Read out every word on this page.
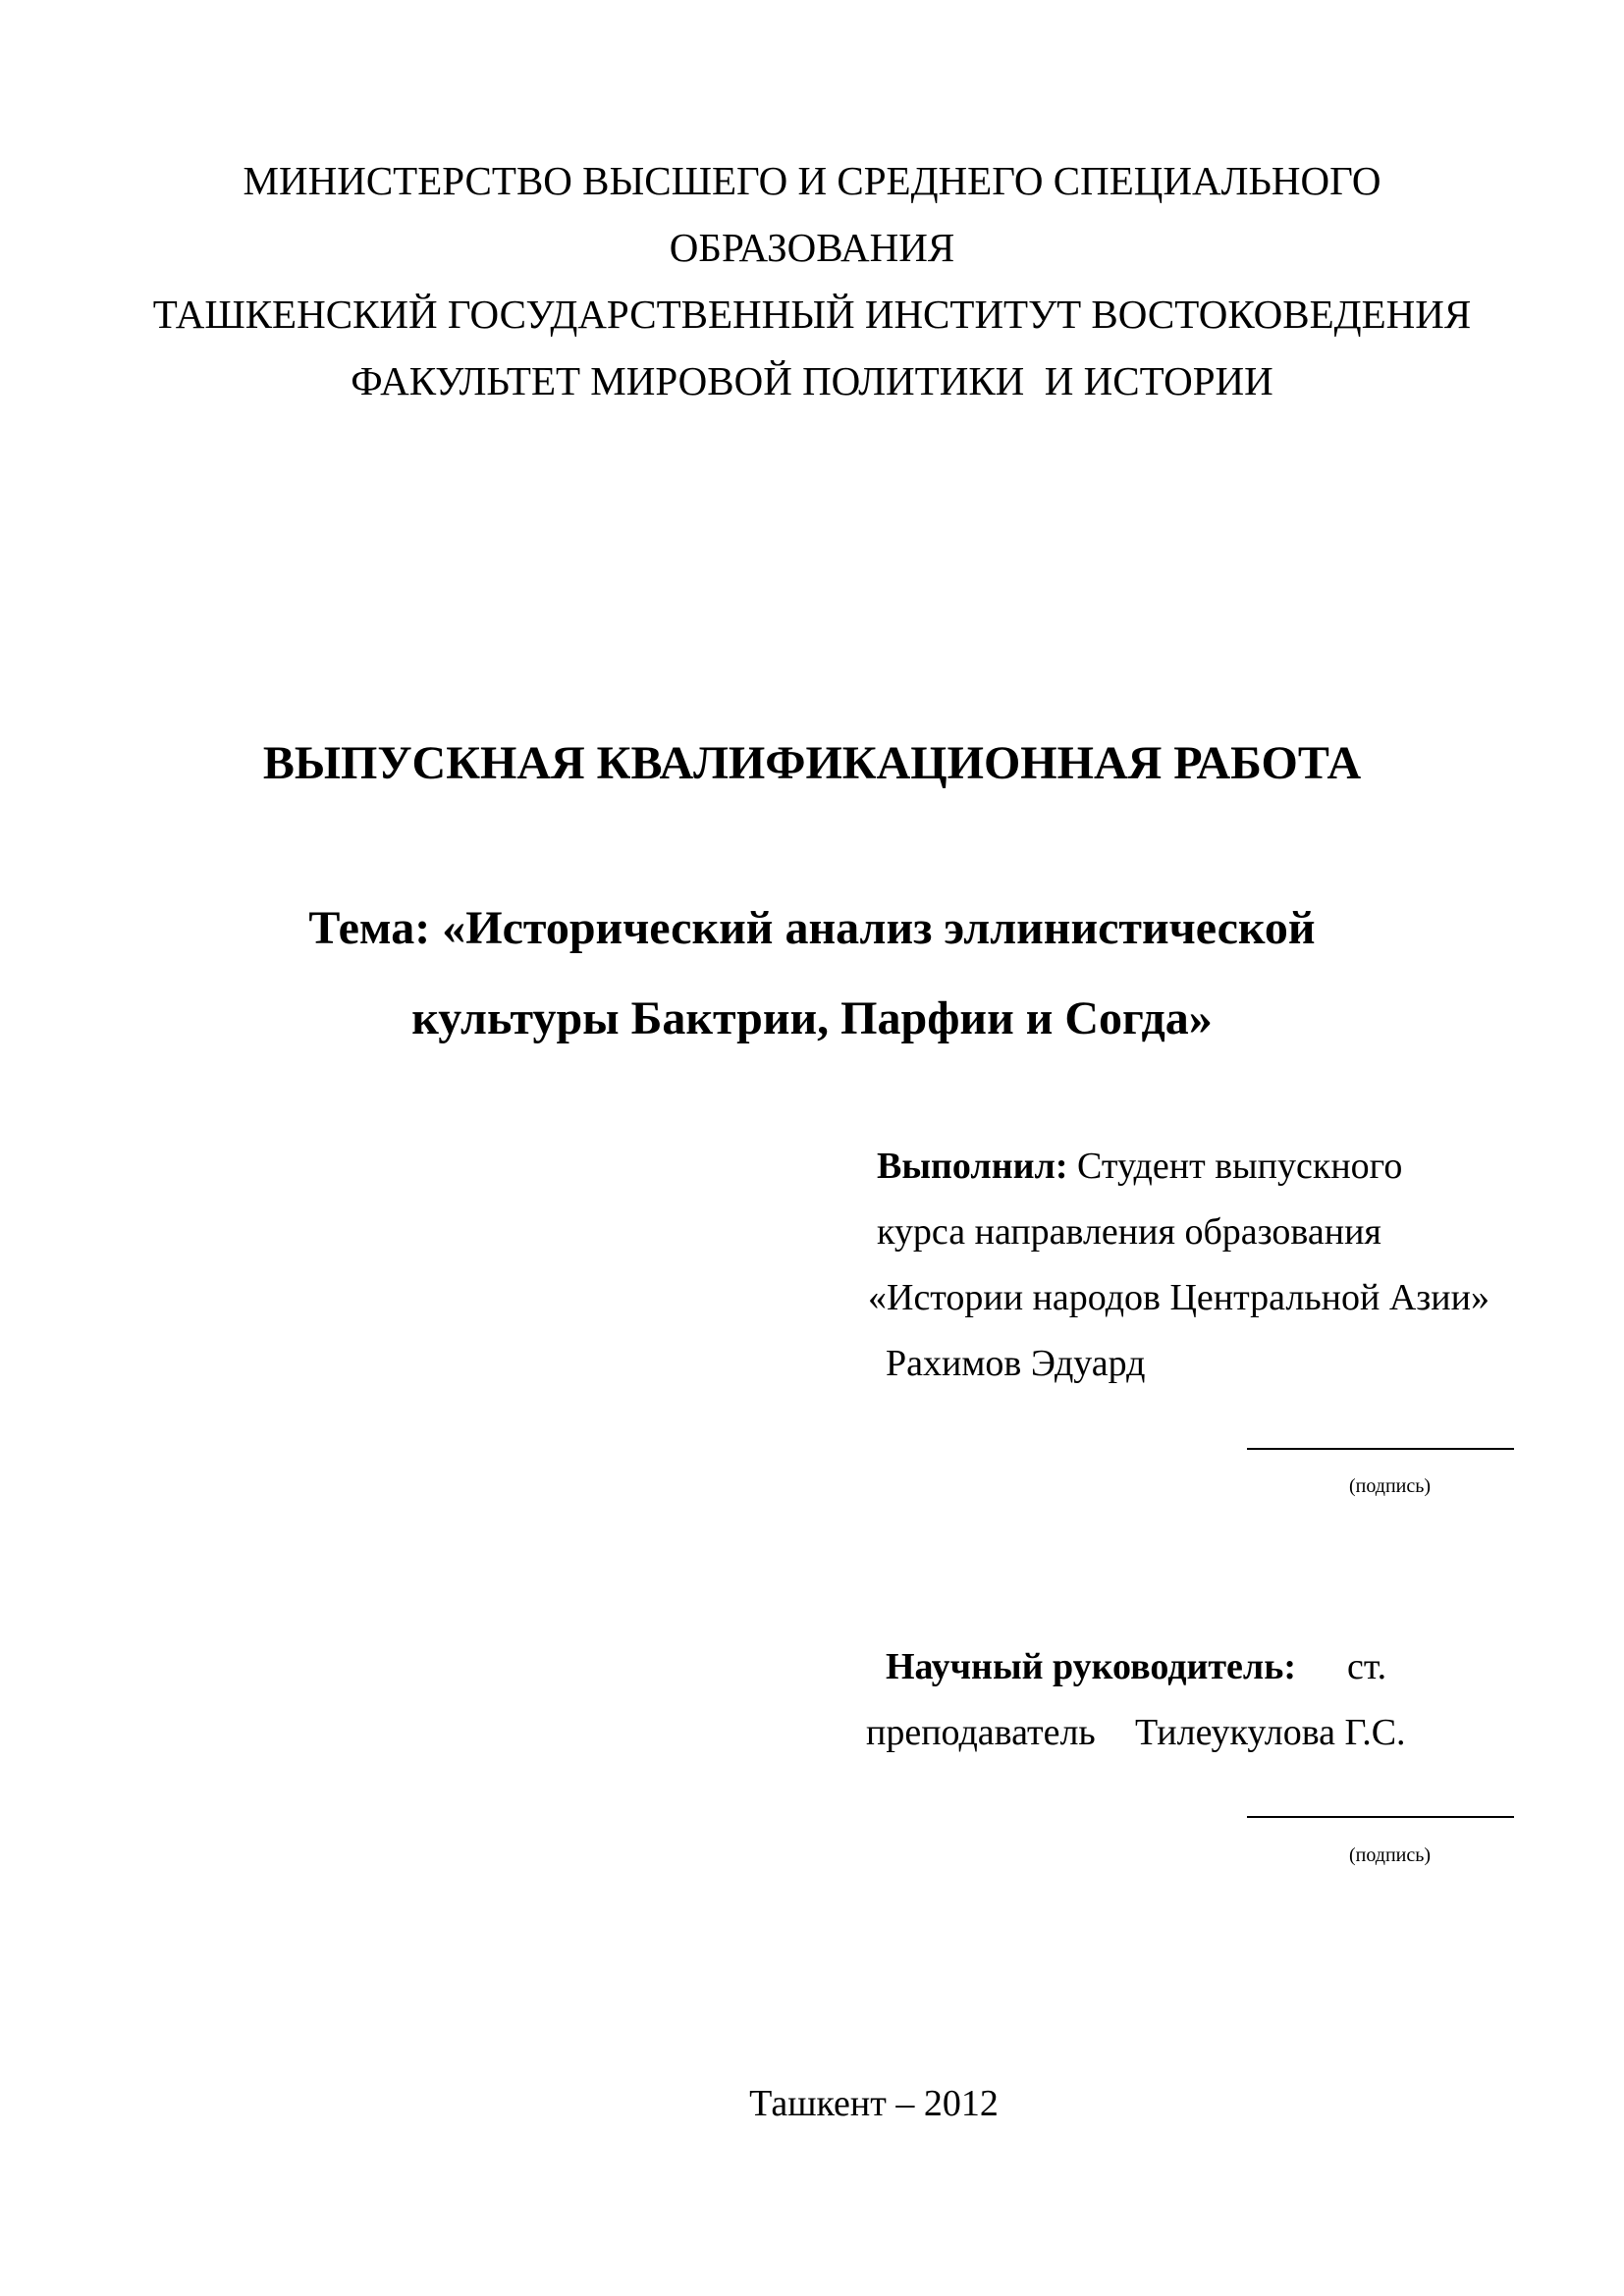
МИНИСТЕРСТВО ВЫСШЕГО И СРЕДНЕГО СПЕЦИАЛЬНОГО
ОБРАЗОВАНИЯ
ТАШКЕНСКИЙ ГОСУДАРСТВЕННЫЙ ИНСТИТУТ ВОСТОКОВЕДЕНИЯ
ФАКУЛЬТЕТ МИРОВОЙ ПОЛИТИКИ  И ИСТОРИИ
ВЫПУСКНАЯ КВАЛИФИКАЦИОННАЯ РАБОТА
Тема: «Исторический анализ эллинистической
культуры Бактрии, Парфии и Согда»
Выполнил: Студент выпускного
курса направления образования
«Истории народов Центральной Азии»
Рахимов Эдуард
(подпись)
Научный руководитель: ст.
преподаватель Тилеукулова Г.С.
(подпись)
Ташкент – 2012
